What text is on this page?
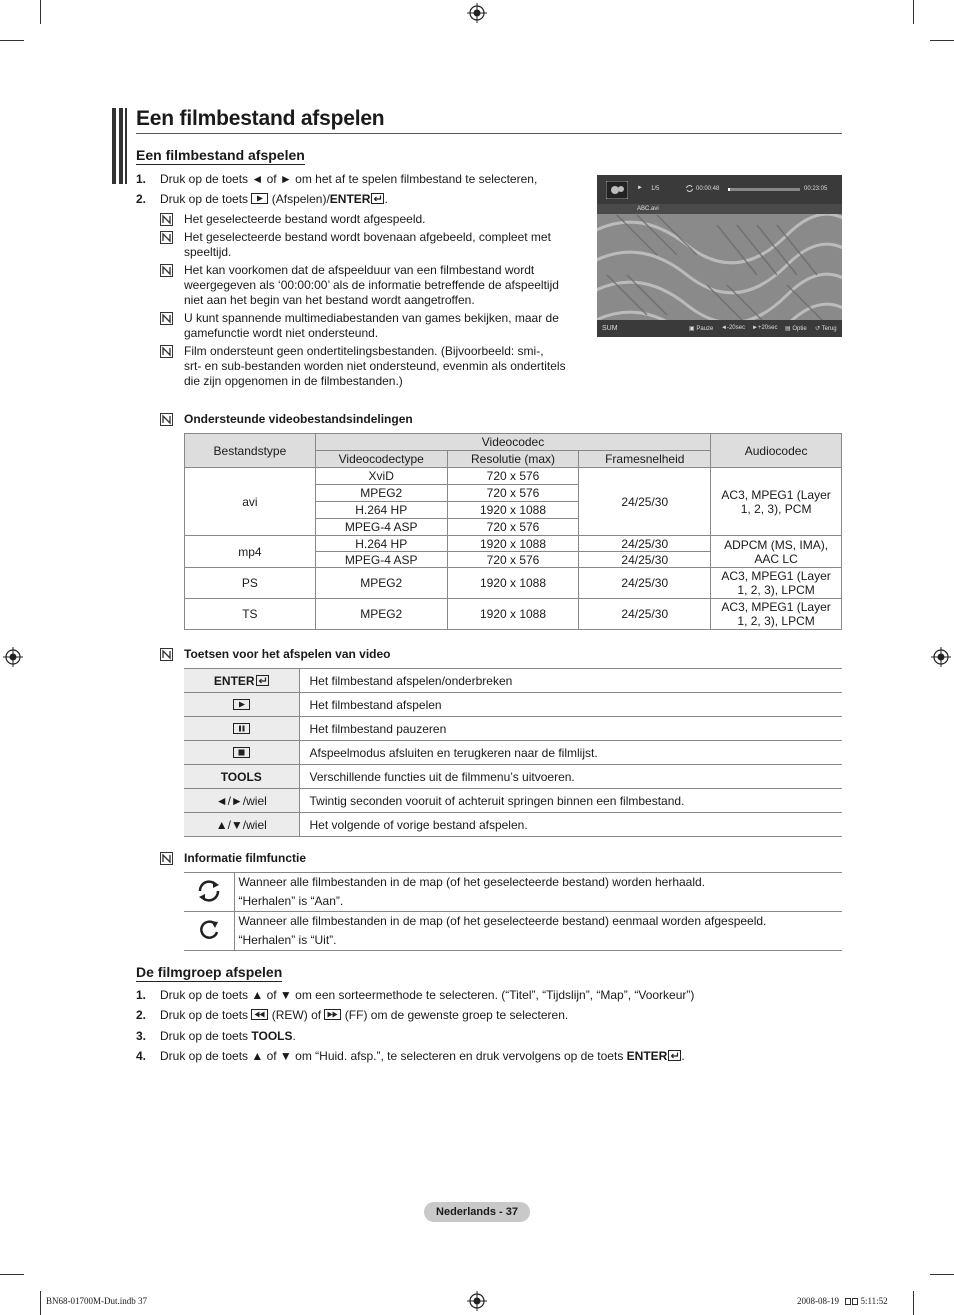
Een filmbestand afspelen
Een filmbestand afspelen
1.	Druk op de toets ◄ of ► om het af te spelen filmbestand te selecteren,
2.	Druk op de toets (Afspelen)/ENTER .
Het geselecteerde bestand wordt afgespeeld.
Het geselecteerde bestand wordt bovenaan afgebeeld, compleet met
speeltijd.
Het kan voorkomen dat de afspeelduur van een filmbestand wordt
weergegeven als ‘00:00:00’ als de informatie betreffende de afspeeltijd
niet aan het begin van het bestand wordt aangetroffen.
U kunt spannende multimediabestanden van games bekijken, maar de
gamefunctie wordt niet ondersteund.
Film ondersteunt geen ondertitelingsbestanden. (Bijvoorbeeld: smi-,
srt- en sub-bestanden worden niet ondersteund, evenmin als ondertitels
die zijn opgenomen in de filmbestanden.)
► 1/5	00:00:48	00:23:05
ABC.avi
SUM	▣ Pauze ◄-20sec ►+20sec ▤ Optie ↺ Terug
Ondersteunde videobestandsindelingen
Bestandstype	Videocodec			Audiocodec
	Videocodectype	Resolutie (max)	Framesnelheid	
avi	XviD	720 x 576	24/25/30	AC3, MPEG1 (Layer
1, 2, 3), PCM

	MPEG2	720 x 576		
	H.264 HP	1920 x 1088		
	MPEG-4 ASP	720 x 576		
mp4	H.264 HP	1920 x 1088	24/25/30	ADPCM (MS, IMA),
AAC LC

	MPEG-4 ASP	720 x 576	24/25/30	
PS	MPEG2	1920 x 1088	24/25/30	AC3, MPEG1 (Layer
1, 2, 3), LPCM

TS	MPEG2	1920 x 1088	24/25/30	AC3, MPEG1 (Layer
1, 2, 3), LPCM
Toetsen voor het afspelen van video
ENTER	Het filmbestand afspelen/onderbreken

	Het filmbestand afspelen

	Het filmbestand pauzeren

	Afspeelmodus afsluiten en terugkeren naar de filmlijst.
TOOLS	Verschillende functies uit de filmmenu’s uitvoeren.
◄/►/wiel	Twintig seconden vooruit of achteruit springen binnen een filmbestand.
▲/▼/wiel	Het volgende of vorige bestand afspelen.
Informatie filmfunctie

Wanneer alle filmbestanden in de map (of het geselecteerde bestand) worden herhaald.
“Herhalen” is “Aan”.

Wanneer alle filmbestanden in de map (of het geselecteerde bestand) eenmaal worden afgespeeld.
“Herhalen” is “Uit”.
De filmgroep afspelen
1.	Druk op de toets ▲ of ▼ om een sorteermethode te selecteren. (“Titel”, “Tijdslijn”, “Map”, “Voorkeur”)
2.	Druk op de toets (REW) of (FF) om de gewenste groep te selecteren.
3.	Druk op de toets TOOLS.
4.	Druk op de toets ▲ of ▼ om “Huid. afsp.”, te selecteren en druk vervolgens op de toets ENTER .
Nederlands - 37
BN68-01700M-Dut.indb 37	2008-08-19 5:11:52
